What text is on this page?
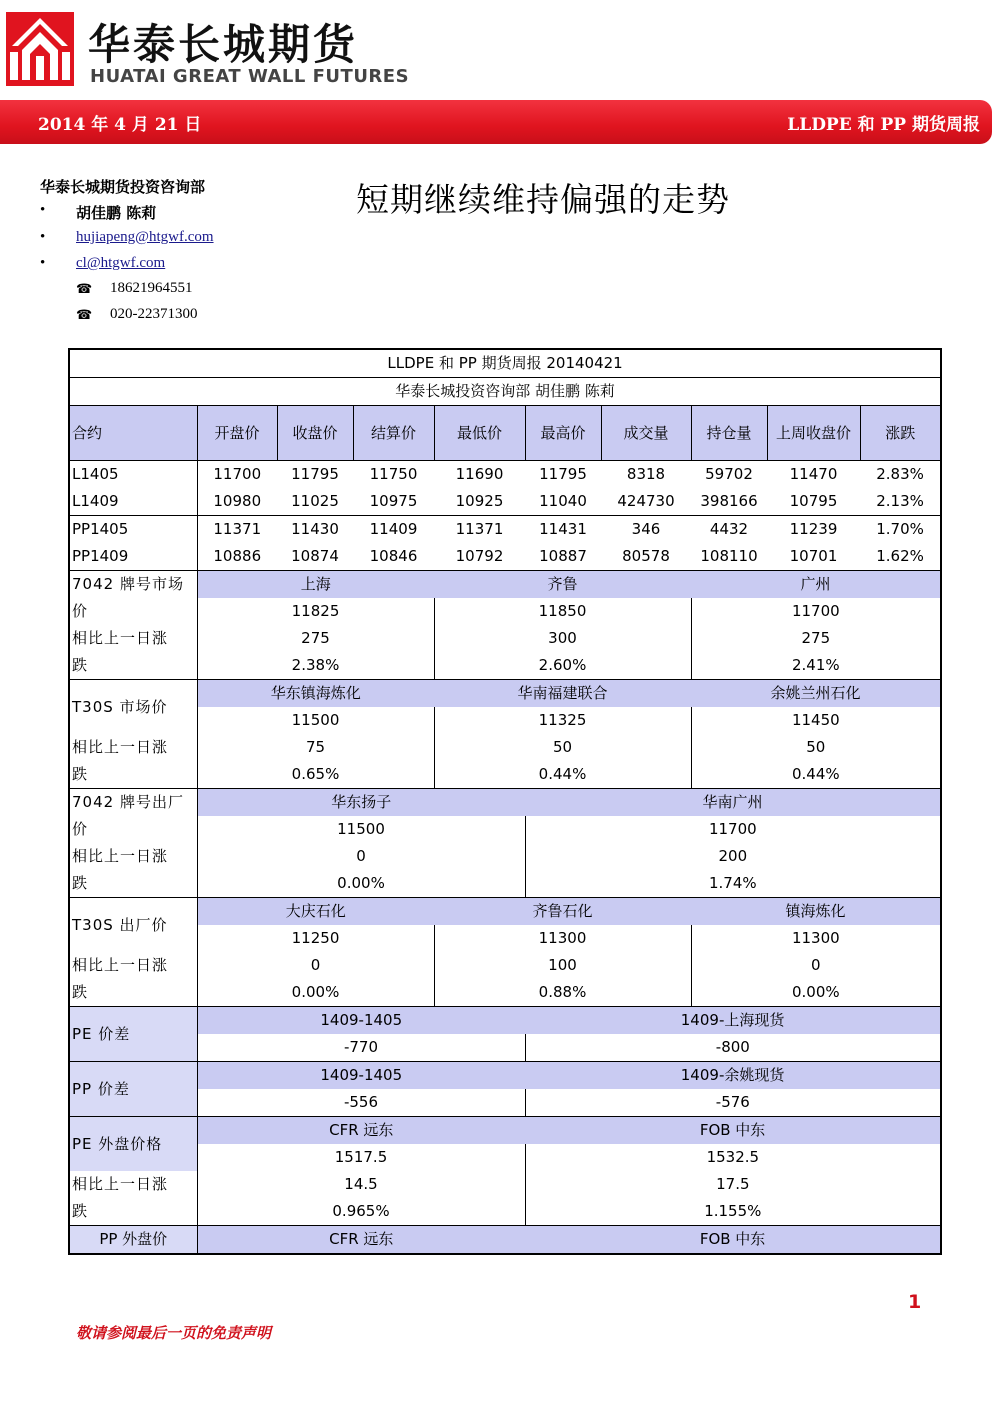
华泰长城期货
HUATAI GREAT WALL FUTURES
2014 年 4 月 21 日	LLDPE 和 PP 期货周报
华泰长城期货投资咨询部
• 胡佳鹏 陈莉
• hujiapeng@htgwf.com
• cl@htgwf.com
☎ 18621964551
☎ 020-22371300
短期继续维持偏强的走势
LLDPE 和 PP 期货周报 20140421									
华泰长城投资咨询部 胡佳鹏 陈莉									
合约	开盘价	收盘价	结算价	最低价	最高价	成交量	持仓量	上周收盘价	涨跌
L1405	11700	11795	11750	11690	11795	8318	59702	11470	2.83%
L1409	10980	11025	10975	10925	11040	424730	398166	10795	2.13%
PP1405	11371	11430	11409	11371	11431	346	4432	11239	1.70%
PP1409	10886	10874	10846	10792	10887	80578	108110	10701	1.62%
7042 牌号市场	上海			齐鲁			广州		
价	11825			11850			11700		
相比上一日涨	275			300			275		
跌	2.38%			2.60%			2.41%		
T30S 市场价	华东镇海炼化			华南福建联合			余姚兰州石化		
	11500			11325			11450		
相比上一日涨	75			50			50		
跌	0.65%			0.44%			0.44%		
7042 牌号出厂	华东扬子				华南广州				
价	11500				11700				
相比上一日涨	0				200				
跌	0.00%				1.74%				
T30S 出厂价	大庆石化			齐鲁石化			镇海炼化		
	11250			11300			11300		
相比上一日涨	0			100			0		
跌	0.00%			0.88%			0.00%		
PE 价差	1409-1405				1409-上海现货				
	-770				-800				
PP 价差	1409-1405				1409-余姚现货				
	-556				-576				
PE 外盘价格	CFR 远东				FOB 中东				
	1517.5				1532.5				
相比上一日涨	14.5				17.5				
跌	0.965%				1.155%				
PP 外盘价	CFR 远东				FOB 中东				
1
敬请参阅最后一页的免责声明
